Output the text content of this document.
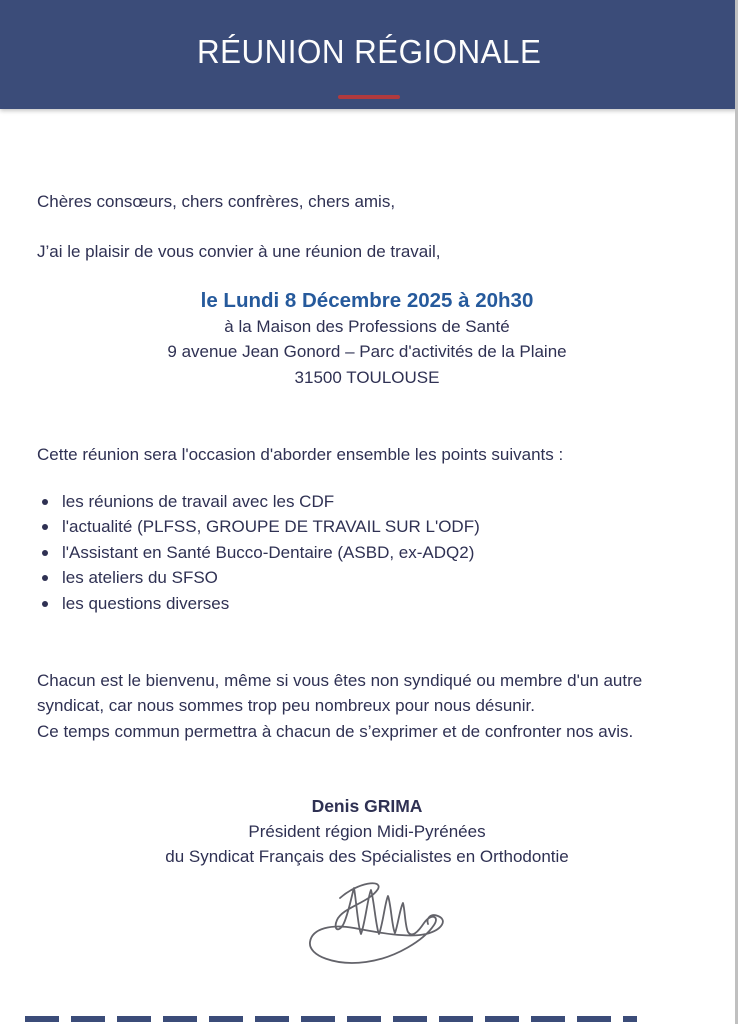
RÉUNION RÉGIONALE

Chères consœurs, chers confrères, chers amis,

J’ai le plaisir de vous convier à une réunion de travail,

le Lundi 8 Décembre 2025 à 20h30
à la Maison des Professions de Santé
9 avenue Jean Gonord – Parc d'activités de la Plaine
31500 TOULOUSE

Cette réunion sera l'occasion d'aborder ensemble les points suivants :

les réunions de travail avec les CDF
l'actualité (PLFSS, GROUPE DE TRAVAIL SUR L'ODF)
l'Assistant en Santé Bucco-Dentaire (ASBD, ex-ADQ2)
les ateliers du SFSO
les questions diverses
Chacun est le bienvenu, même si vous êtes non syndiqué ou membre d'un autre
syndicat, car nous sommes trop peu nombreux pour nous désunir.
Ce temps commun permettra à chacun de s’exprimer et de confronter nos avis.
Denis GRIMA
Président région Midi-Pyrénées
du Syndicat Français des Spécialistes en Orthodontie
